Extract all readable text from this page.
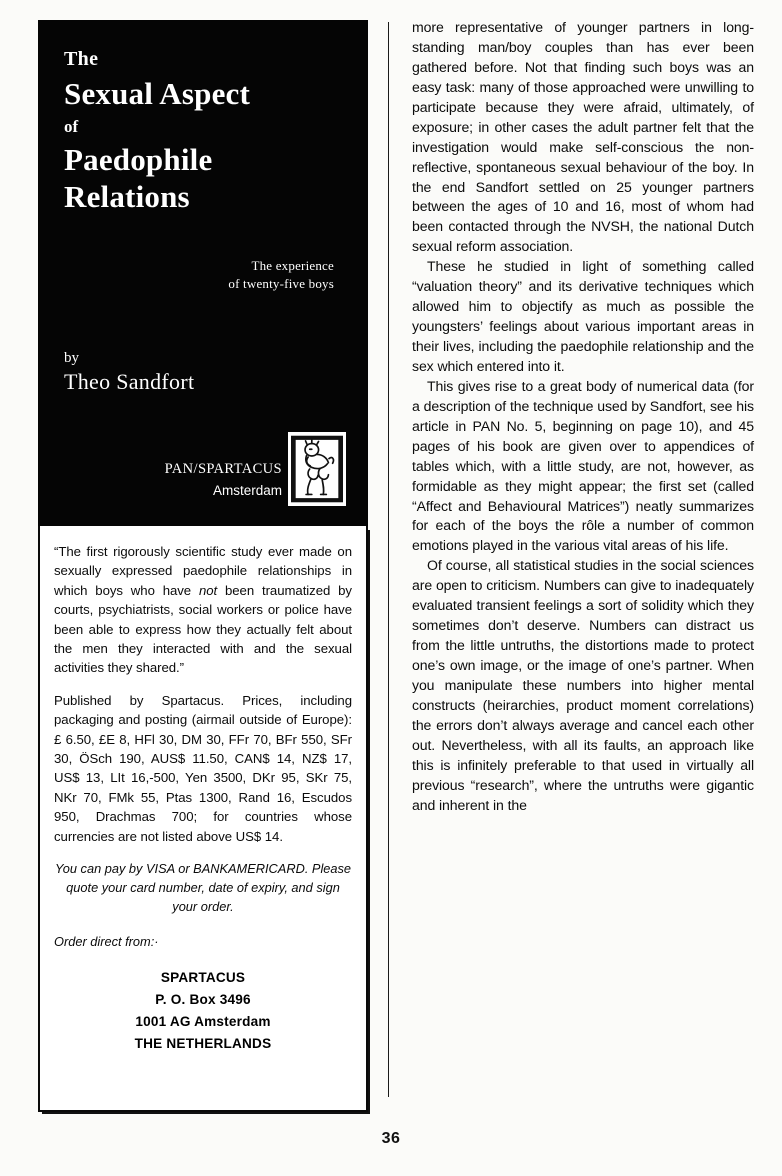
The
Sexual Aspect
of
Paedophile
Relations
The experience
of twenty-five boys
by
Theo Sandfort
PAN/SPARTACUS
Amsterdam

“The first rigorously scientific study ever made on sexually expressed paedophile relationships in which boys who have not been traumatized by courts, psychiatrists, social workers or police have been able to express how they actually felt about the men they interacted with and the sexual activities they shared.”

Published by Spartacus. Prices, including packaging and posting (airmail outside of Europe): £ 6.50, £E 8, HFl 30, DM 30, FFr 70, BFr 550, SFr 30, ÖSch 190, AUS$ 11.50, CAN$ 14, NZ$ 17, US$ 13, LIt 16,-500, Yen 3500, DKr 95, SKr 75, NKr 70, FMk 55, Ptas 1300, Rand 16, Escudos 950, Drachmas 700; for countries whose currencies are not listed above US$ 14.

You can pay by VISA or BANKAMERICARD. Please quote your card number, date of expiry, and sign your order.

Order direct from:·

SPARTACUS
P. O. Box 3496
1001 AG Amsterdam
THE NETHERLANDS

more representative of younger partners in long-standing man/boy couples than has ever been gathered before. Not that finding such boys was an easy task: many of those approached were unwilling to participate because they were afraid, ultimately, of exposure; in other cases the adult partner felt that the investigation would make self-conscious the non-reflective, spontaneous sexual behaviour of the boy. In the end Sandfort settled on 25 younger partners between the ages of 10 and 16, most of whom had been contacted through the NVSH, the national Dutch sexual reform association.

These he studied in light of something called “valuation theory” and its derivative techniques which allowed him to objectify as much as possible the youngsters’ feelings about various important areas in their lives, including the paedophile relationship and the sex which entered into it.

This gives rise to a great body of numerical data (for a description of the technique used by Sandfort, see his article in PAN No. 5, beginning on page 10), and 45 pages of his book are given over to appendices of tables which, with a little study, are not, however, as formidable as they might appear; the first set (called “Affect and Behavioural Matrices”) neatly summarizes for each of the boys the rôle a number of common emotions played in the various vital areas of his life.

Of course, all statistical studies in the social sciences are open to criticism. Numbers can give to inadequately evaluated transient feelings a sort of solidity which they sometimes don’t deserve. Numbers can distract us from the little untruths, the distortions made to protect one’s own image, or the image of one’s partner. When you manipulate these numbers into higher mental constructs (heirarchies, product moment correlations) the errors don’t always average and cancel each other out. Nevertheless, with all its faults, an approach like this is infinitely preferable to that used in virtually all previous “research”, where the untruths were gigantic and inherent in the

36
